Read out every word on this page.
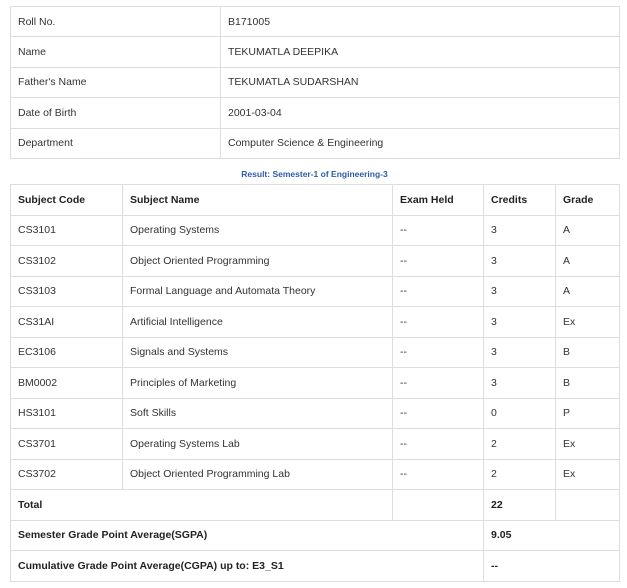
Roll No.	B171005
Name	TEKUMATLA DEEPIKA
Father's Name	TEKUMATLA SUDARSHAN
Date of Birth	2001-03-04
Department	Computer Science & Engineering
Result: Semester-1 of Engineering-3
Subject Code	Subject Name	Exam Held	Credits	Grade
CS3101	Operating Systems	--	3	A
CS3102	Object Oriented Programming	--	3	A
CS3103	Formal Language and Automata Theory	--	3	A
CS31AI	Artificial Intelligence	--	3	Ex
EC3106	Signals and Systems	--	3	B
BM0002	Principles of Marketing	--	3	B
HS3101	Soft Skills	--	0	P
CS3701	Operating Systems Lab	--	2	Ex
CS3702	Object Oriented Programming Lab	--	2	Ex
Total			22	
Semester Grade Point Average(SGPA)			9.05	
Cumulative Grade Point Average(CGPA) up to: E3_S1			--	
